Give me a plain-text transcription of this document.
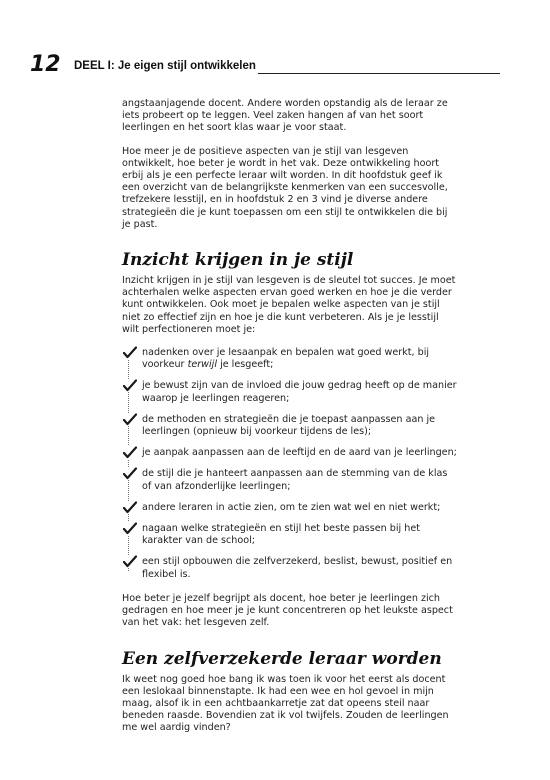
12 DEEL I: Je eigen stijl ontwikkelen

angstaanjagende docent. Andere worden opstandig als de leraar ze iets probeert op te leggen. Veel zaken hangen af van het soort leerlingen en het soort klas waar je voor staat.

Hoe meer je de positieve aspecten van je stijl van lesgeven ontwikkelt, hoe beter je wordt in het vak. Deze ontwikkeling hoort erbij als je een perfecte leraar wilt worden. In dit hoofdstuk geef ik een overzicht van de belangrijkste kenmerken van een succesvolle, trefzekere lesstijl, en in hoofdstuk 2 en 3 vind je diverse andere strategieën die je kunt toepassen om een stijl te ontwikkelen die bij je past.

Inzicht krijgen in je stijl

Inzicht krijgen in je stijl van lesgeven is de sleutel tot succes. Je moet achterhalen welke aspecten ervan goed werken en hoe je die verder kunt ontwikkelen. Ook moet je bepalen welke aspecten van je stijl niet zo effectief zijn en hoe je die kunt verbeteren. Als je je lesstijl wilt perfectioneren moet je:

nadenken over je lesaanpak en bepalen wat goed werkt, bij voorkeur terwijl je lesgeeft;
je bewust zijn van de invloed die jouw gedrag heeft op de manier waarop je leerlingen reageren;
de methoden en strategieën die je toepast aanpassen aan je leerlingen (opnieuw bij voorkeur tijdens de les);
je aanpak aanpassen aan de leeftijd en de aard van je leerlingen;
de stijl die je hanteert aanpassen aan de stemming van de klas of van afzonderlijke leerlingen;
andere leraren in actie zien, om te zien wat wel en niet werkt;
nagaan welke strategieën en stijl het beste passen bij het karakter van de school;
een stijl opbouwen die zelfverzekerd, beslist, bewust, positief en flexibel is.

Hoe beter je jezelf begrijpt als docent, hoe beter je leerlingen zich gedragen en hoe meer je je kunt concentreren op het leukste aspect van het vak: het lesgeven zelf.

Een zelfverzekerde leraar worden

Ik weet nog goed hoe bang ik was toen ik voor het eerst als docent een leslokaal binnenstapte. Ik had een wee en hol gevoel in mijn maag, alsof ik in een achtbaankarretje zat dat opeens steil naar beneden raasde. Bovendien zat ik vol twijfels. Zouden de leerlingen me wel aardig vinden?
